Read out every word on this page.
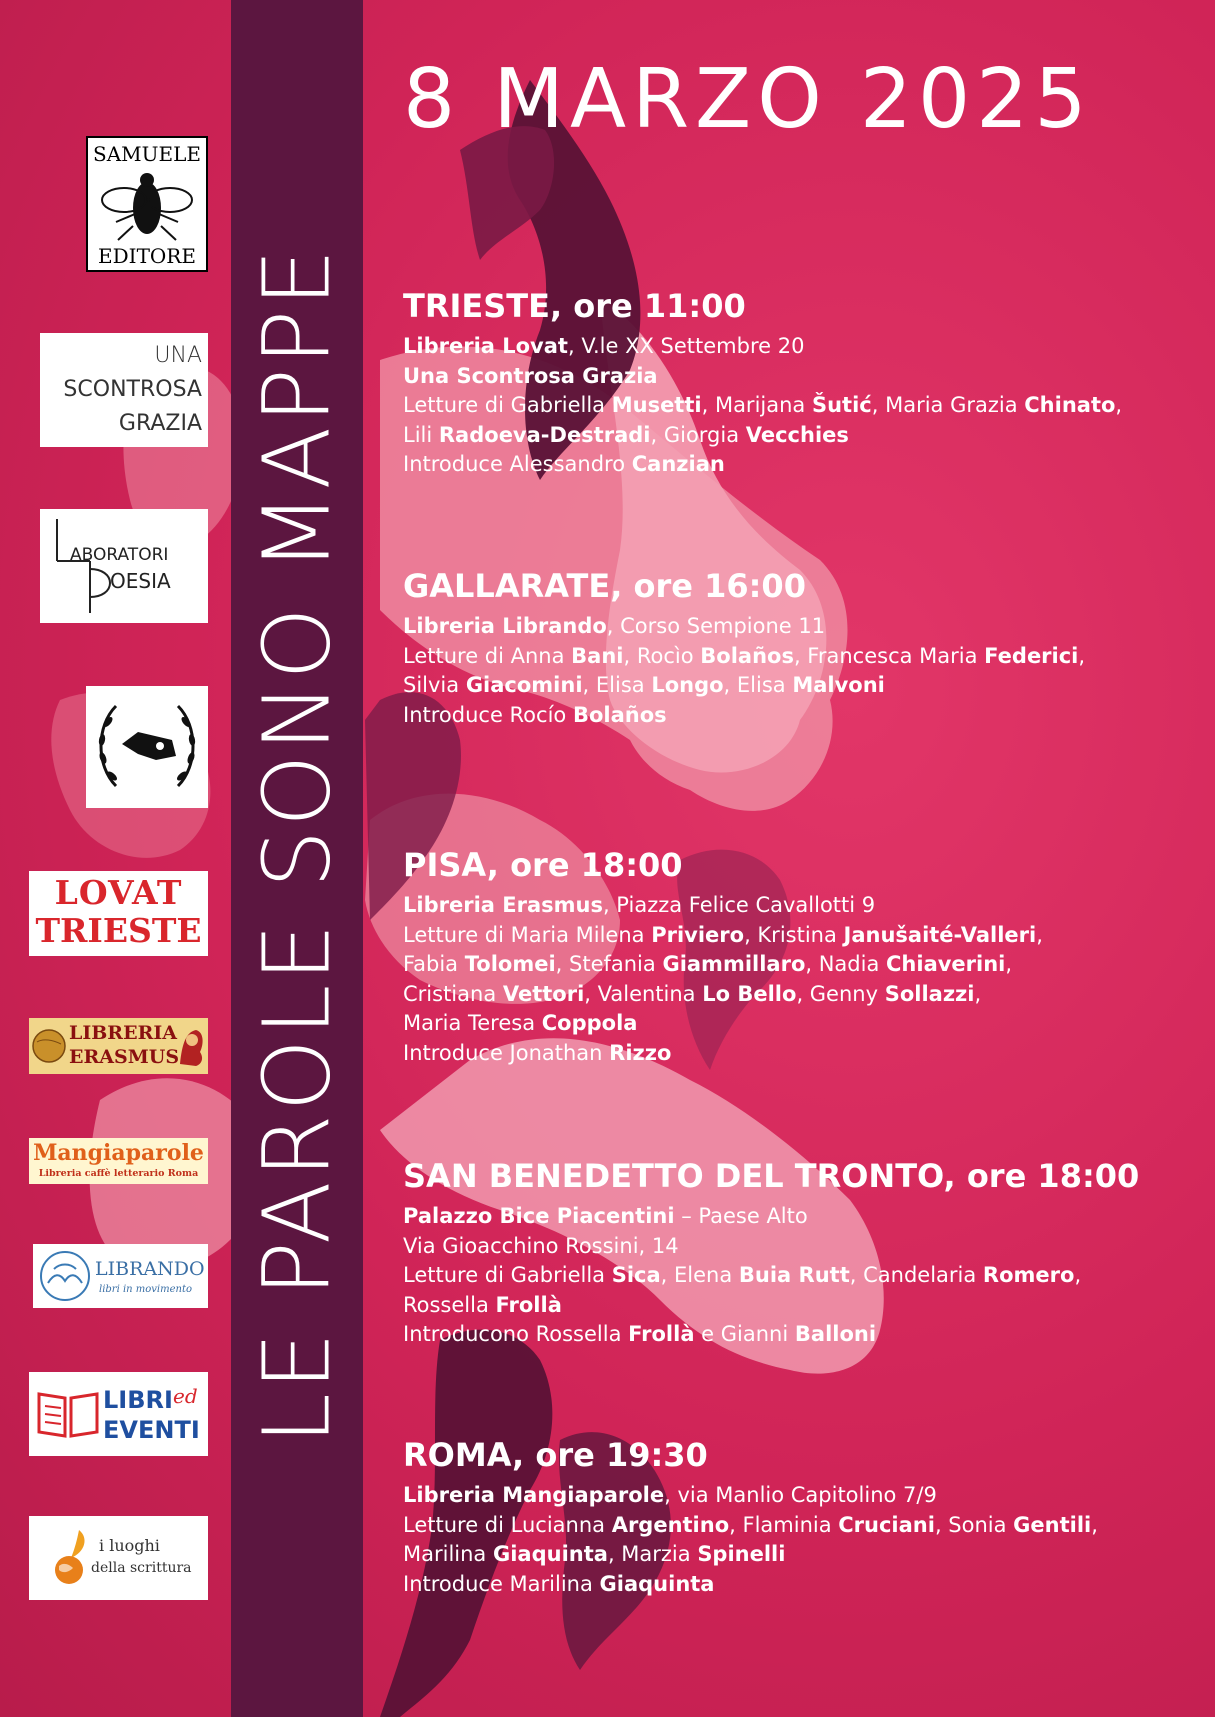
LE PAROLE SONO MAPPE
8 MARZO 2025
TRIESTE, ore 11:00

Libreria Lovat, V.le XX Settembre 20

Una Scontrosa Grazia

Letture di Gabriella Musetti, Marijana Šutić, Maria Grazia Chinato,

Lili Radoeva-Destradi, Giorgia Vecchies

Introduce Alessandro Canzian

GALLARATE, ore 16:00

Libreria Librando, Corso Sempione 11

Letture di Anna Bani, Rocìo Bolaños, Francesca Maria Federici,

Silvia Giacomini, Elisa Longo, Elisa Malvoni

Introduce Rocío Bolaños

PISA, ore 18:00

Libreria Erasmus, Piazza Felice Cavallotti 9

Letture di Maria Milena Priviero, Kristina Janušaité-Valleri,

Fabia Tolomei, Stefania Giammillaro, Nadia Chiaverini,

Cristiana Vettori, Valentina Lo Bello, Genny Sollazzi,

Maria Teresa Coppola

Introduce Jonathan Rizzo

SAN BENEDETTO DEL TRONTO, ore 18:00

Palazzo Bice Piacentini – Paese Alto

Via Gioacchino Rossini, 14

Letture di Gabriella Sica, Elena Buia Rutt, Candelaria Romero,

Rossella Frollà

Introducono Rossella Frollà e Gianni Balloni

ROMA, ore 19:30

Libreria Mangiaparole, via Manlio Capitolino 7/9

Letture di Lucianna Argentino, Flaminia Cruciani, Sonia Gentili,

Marilina Giaquinta, Marzia Spinelli

Introduce Marilina Giaquinta

SAMUELE
EDITORE
UNA
SCONTROSA
GRAZIA
ABORATORI
OESIA
LOVAT
TRIESTE
LIBRERIA
ERASMUS
Mangiaparole
Libreria caffè letterario Roma
LIBRANDO
libri in movimento
LIBRI ed
EVENTI
i luoghi
della scrittura
